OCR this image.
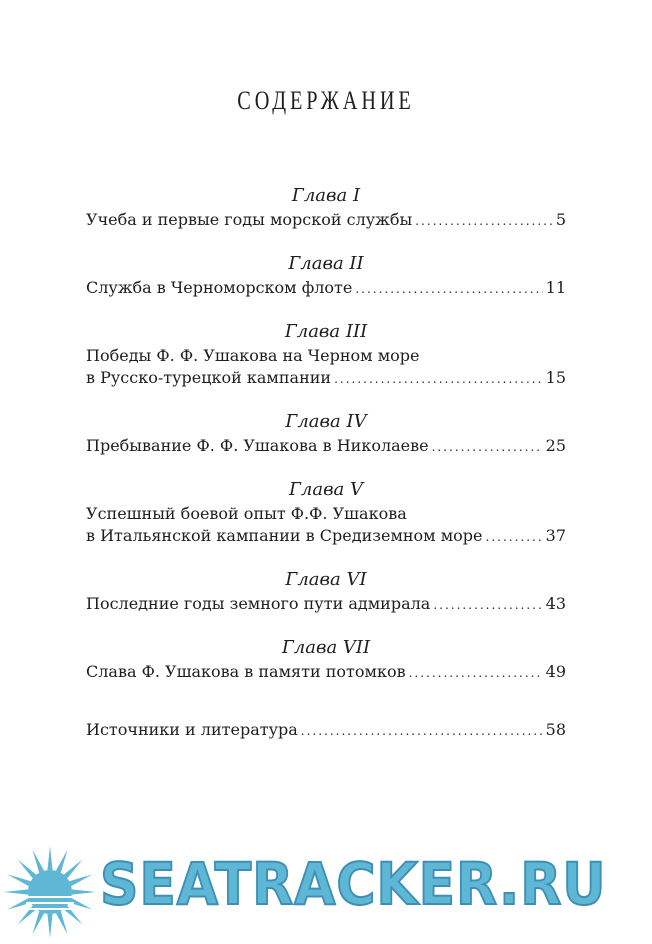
СОДЕРЖАНИЕ
Глава I
Учеба и первые годы морской службы .....	5
Глава II
Служба в Черноморском флоте .....	11
Глава III
Победы Ф. Ф. Ушакова на Черном море
в Русско-турецкой кампании .....	15
Глава IV
Пребывание Ф. Ф. Ушакова в Николаеве .....	25
Глава V
Успешный боевой опыт Ф.Ф. Ушакова
в Итальянской кампании в Средиземном море .....	37
Глава VI
Последние годы земного пути адмирала .....	43
Глава VII
Слава Ф. Ушакова в памяти потомков .....	49
Источники и литература .....	58
SEATRACKER.RU
